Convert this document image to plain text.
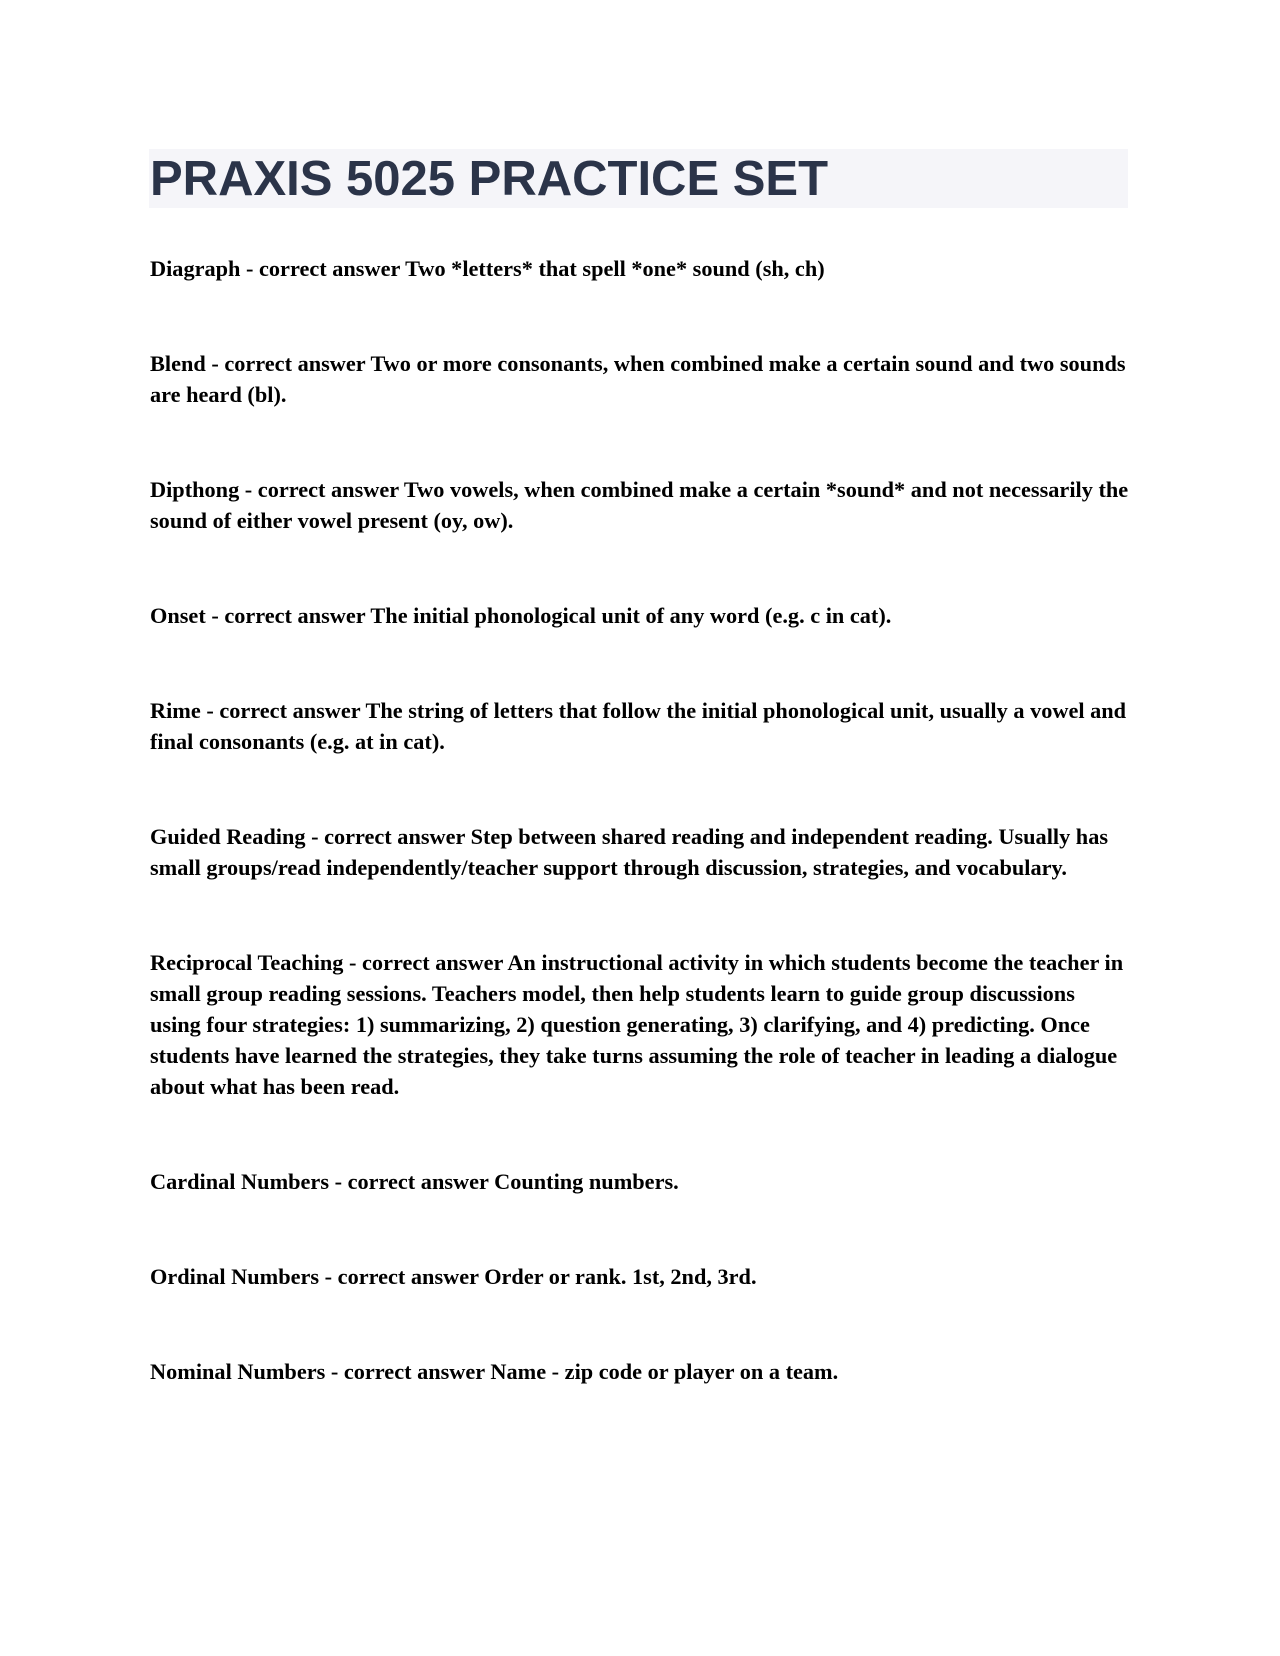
PRAXIS 5025 PRACTICE SET

Diagraph - correct answer Two *letters* that spell *one* sound (sh, ch)

Blend - correct answer Two or more consonants, when combined make a certain sound and two sounds are heard (bl).

Dipthong - correct answer Two vowels, when combined make a certain *sound* and not necessarily the sound of either vowel present (oy, ow).

Onset - correct answer The initial phonological unit of any word (e.g. c in cat).

Rime - correct answer The string of letters that follow the initial phonological unit, usually a vowel and final consonants (e.g. at in cat).

Guided Reading - correct answer Step between shared reading and independent reading. Usually has small groups/read independently/teacher support through discussion, strategies, and vocabulary.

Reciprocal Teaching - correct answer An instructional activity in which students become the teacher in small group reading sessions. Teachers model, then help students learn to guide group discussions using four strategies: 1) summarizing, 2) question generating, 3) clarifying, and 4) predicting. Once students have learned the strategies, they take turns assuming the role of teacher in leading a dialogue about what has been read.

Cardinal Numbers - correct answer Counting numbers.

Ordinal Numbers - correct answer Order or rank. 1st, 2nd, 3rd.

Nominal Numbers - correct answer Name - zip code or player on a team.
